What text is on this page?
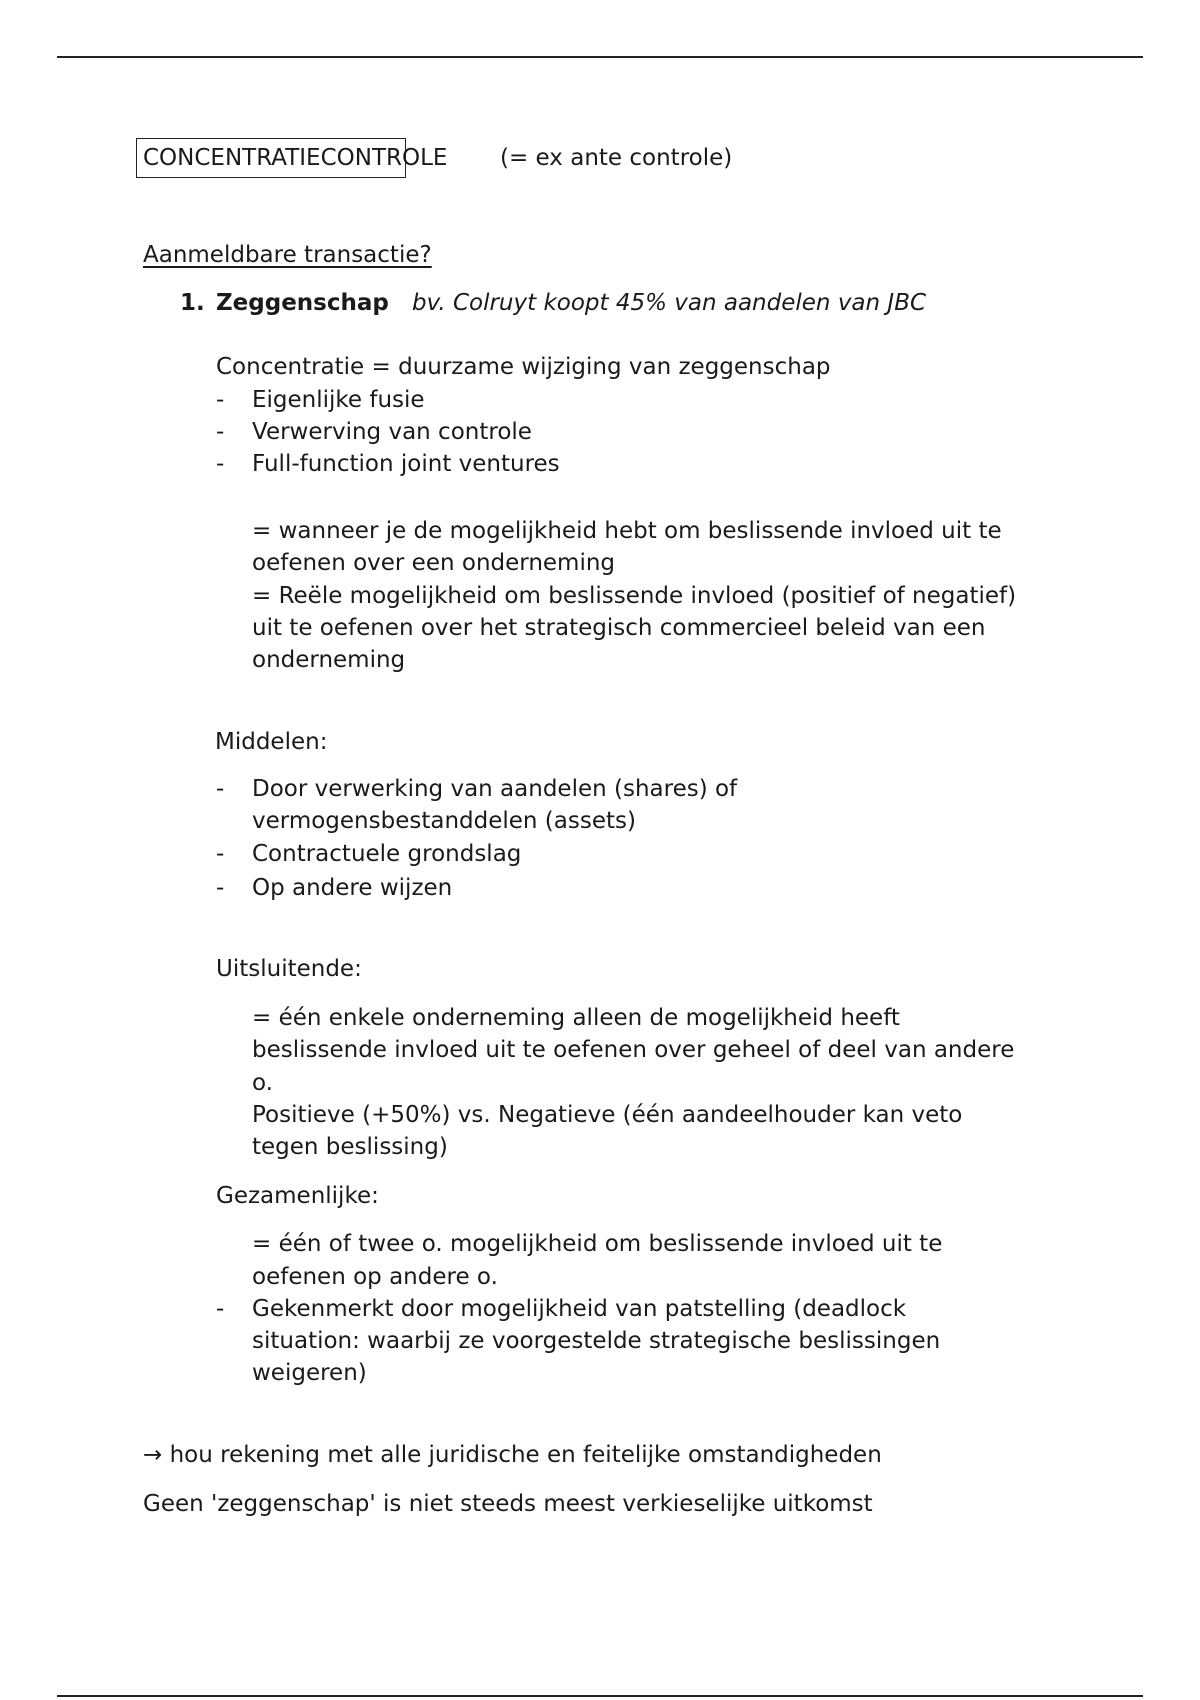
CONCENTRATIECONTROLE (= ex ante controle)
Aanmeldbare transactie?
1. Zeggenschap bv. Colruyt koopt 45% van aandelen van JBC
Concentratie = duurzame wijziging van zeggenschap
- Eigenlijke fusie
- Verwerving van controle
- Full-function joint ventures
= wanneer je de mogelijkheid hebt om beslissende invloed uit te
oefenen over een onderneming
= Reële mogelijkheid om beslissende invloed (positief of negatief)
uit te oefenen over het strategisch commercieel beleid van een
onderneming
Middelen:
- Door verwerking van aandelen (shares) of
vermogensbestanddelen (assets)
- Contractuele grondslag
- Op andere wijzen
Uitsluitende:
= één enkele onderneming alleen de mogelijkheid heeft
beslissende invloed uit te oefenen over geheel of deel van andere
o.
Positieve (+50%) vs. Negatieve (één aandeelhouder kan veto
tegen beslissing)
Gezamenlijke:
= één of twee o. mogelijkheid om beslissende invloed uit te
oefenen op andere o.
- Gekenmerkt door mogelijkheid van patstelling (deadlock
situation: waarbij ze voorgestelde strategische beslissingen
weigeren)
→ hou rekening met alle juridische en feitelijke omstandigheden
Geen 'zeggenschap' is niet steeds meest verkieselijke uitkomst
